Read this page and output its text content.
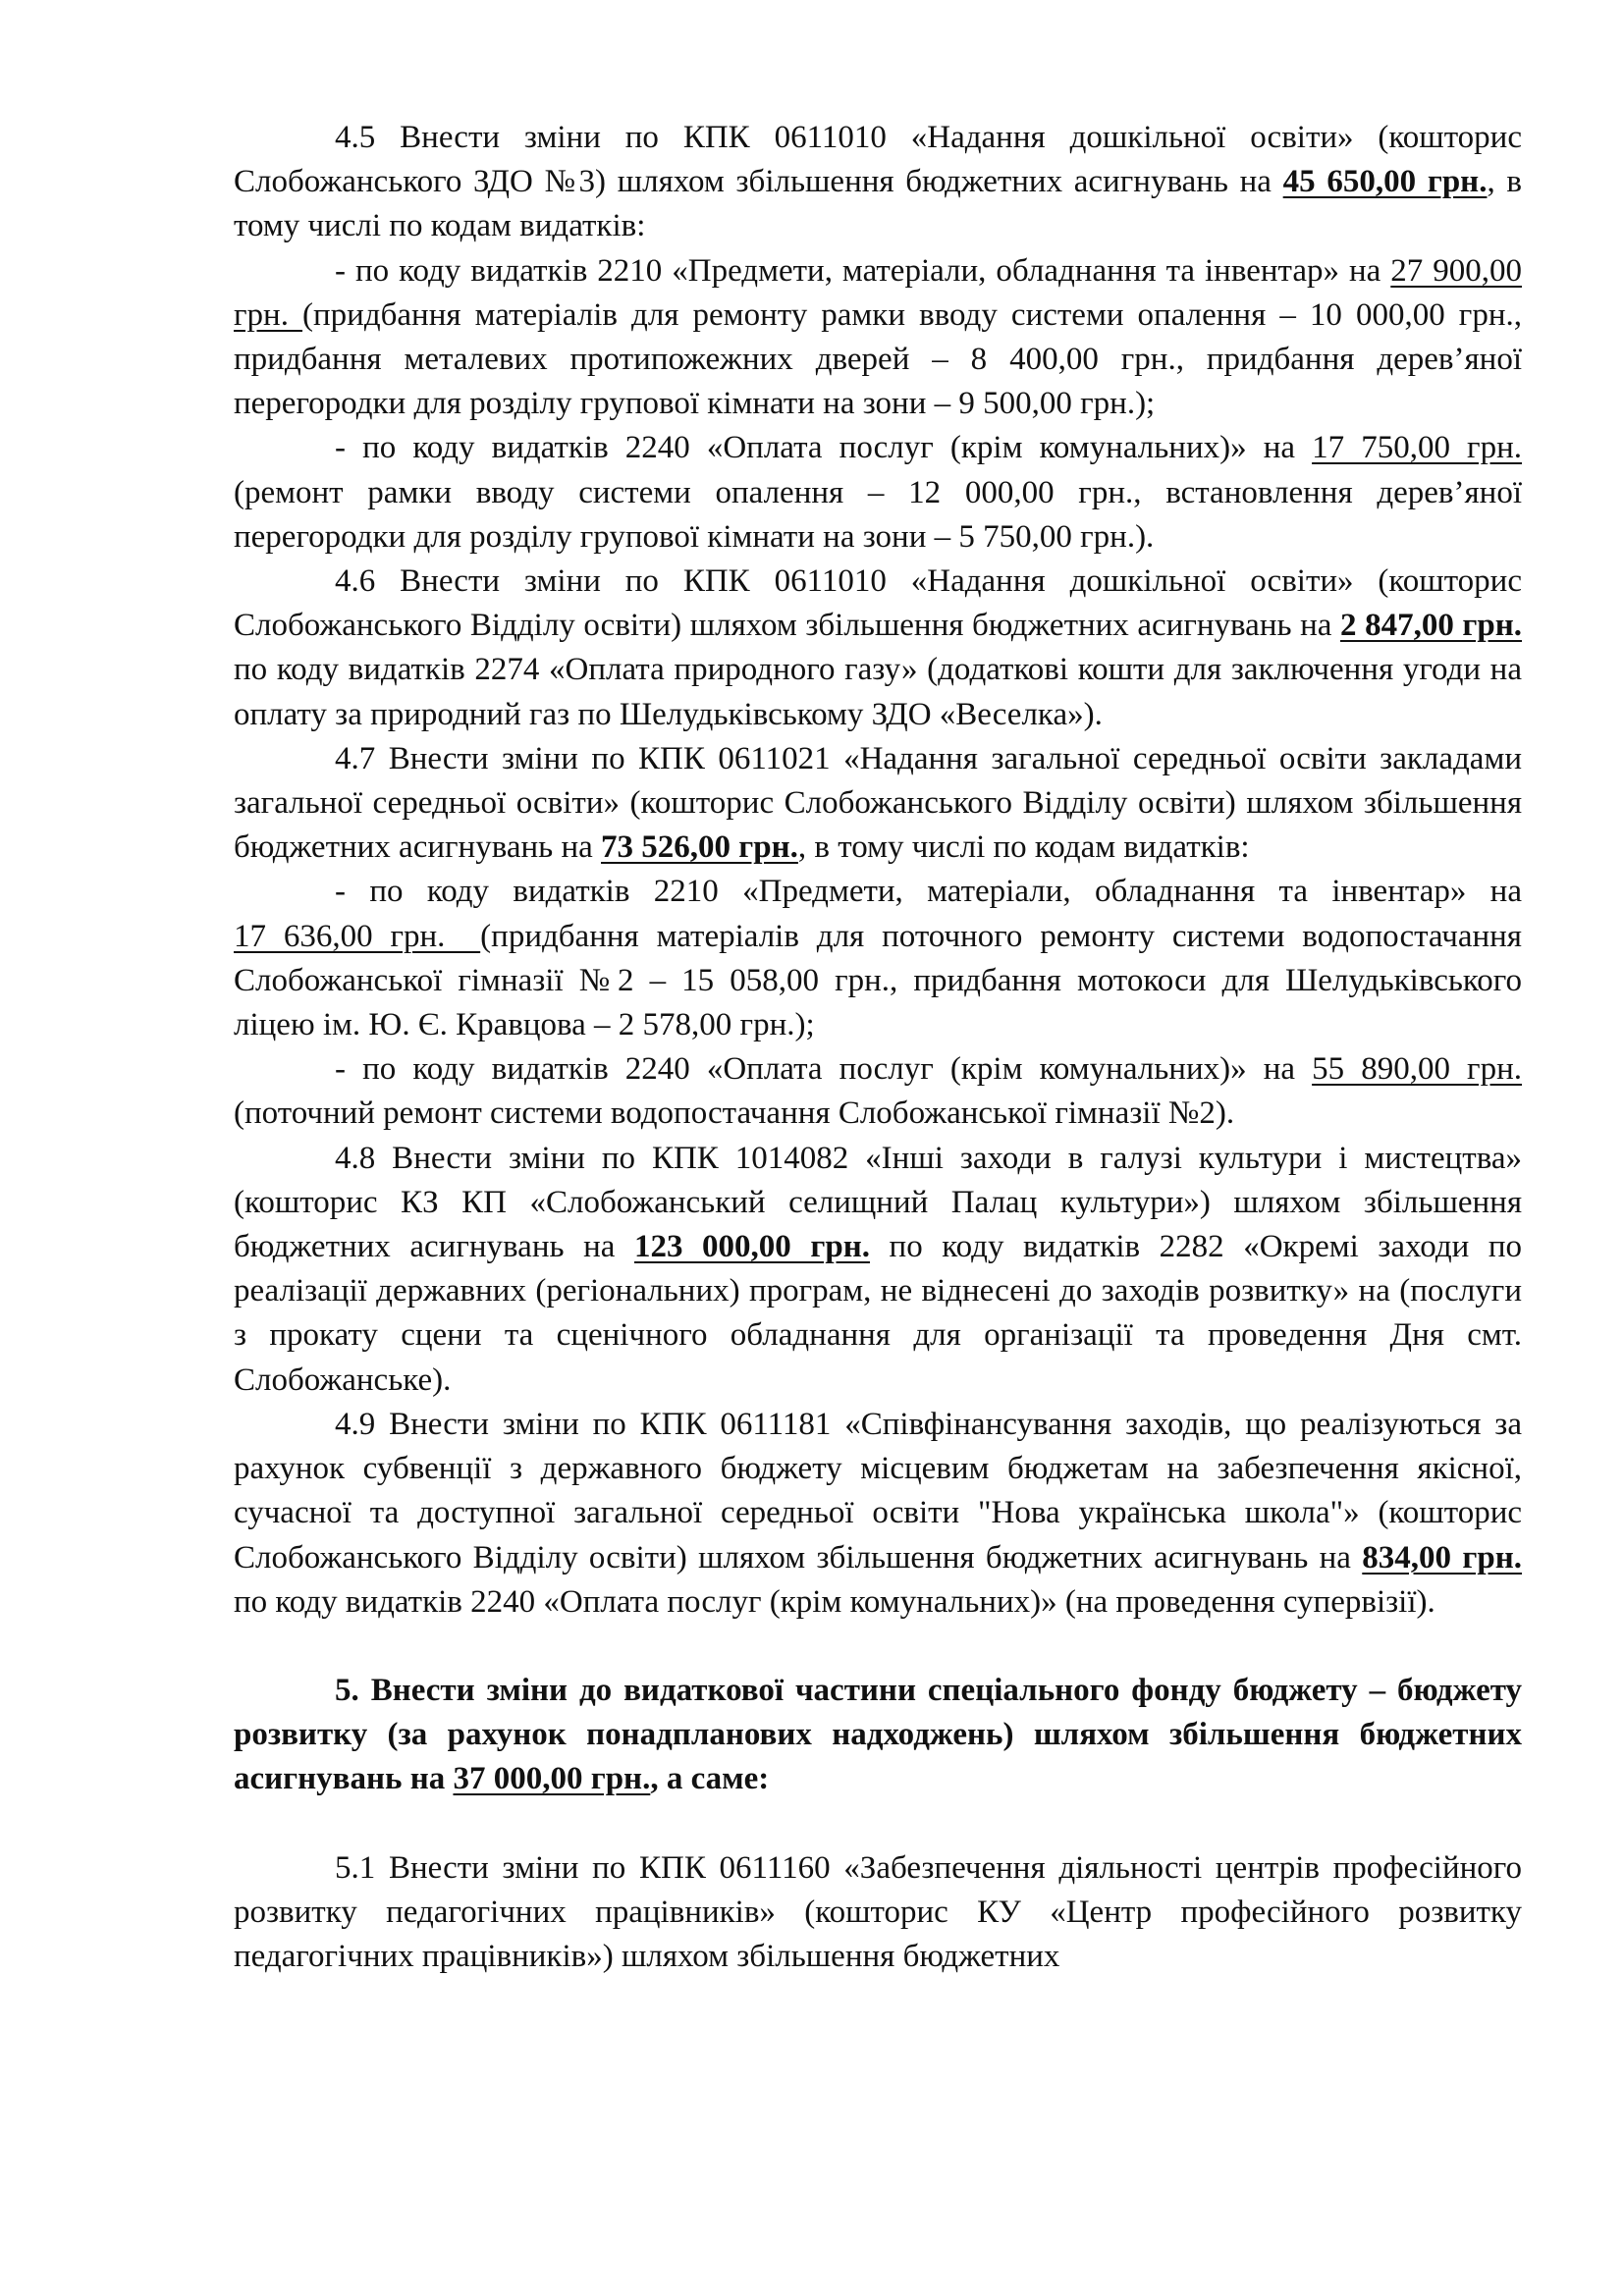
4.5 Внести зміни по КПК 0611010 «Надання дошкільної освіти» (кошторис Слобожанського ЗДО №3) шляхом збільшення бюджетних асигнувань на 45 650,00 грн., в тому числі по кодам видатків:

- по коду видатків 2210 «Предмети, матеріали, обладнання та інвентар» на 27 900,00 грн. (придбання матеріалів для ремонту рамки вводу системи опалення – 10 000,00 грн., придбання металевих протипожежних дверей – 8 400,00 грн., придбання дерев’яної перегородки для розділу групової кімнати на зони – 9 500,00 грн.);

- по коду видатків 2240 «Оплата послуг (крім комунальних)» на 17 750,00 грн. (ремонт рамки вводу системи опалення – 12 000,00 грн., встановлення дерев’яної перегородки для розділу групової кімнати на зони – 5 750,00 грн.).

4.6 Внести зміни по КПК 0611010 «Надання дошкільної освіти» (кошторис Слобожанського Відділу освіти) шляхом збільшення бюджетних асигнувань на 2 847,00 грн. по коду видатків 2274 «Оплата природного газу» (додаткові кошти для заключення угоди на оплату за природний газ по Шелудьківському ЗДО «Веселка»).

4.7 Внести зміни по КПК 0611021 «Надання загальної середньої освіти закладами загальної середньої освіти» (кошторис Слобожанського Відділу освіти) шляхом збільшення бюджетних асигнувань на 73 526,00 грн., в тому числі по кодам видатків:

- по коду видатків 2210 «Предмети, матеріали, обладнання та інвентар» на 17 636,00 грн.  (придбання матеріалів для поточного ремонту системи водопостачання Слобожанської гімназії №2 – 15 058,00 грн., придбання мотокоси для Шелудьківського ліцею ім. Ю. Є. Кравцова – 2 578,00 грн.);

- по коду видатків 2240 «Оплата послуг (крім комунальних)» на 55 890,00 грн. (поточний ремонт системи водопостачання Слобожанської гімназії №2).

4.8 Внести зміни по КПК 1014082 «Інші заходи в галузі культури і мистецтва» (кошторис КЗ КП «Слобожанський селищний Палац культури») шляхом збільшення бюджетних асигнувань на 123 000,00 грн. по коду видатків 2282 «Окремі заходи по реалізації державних (регіональних) програм, не віднесені до заходів розвитку» на (послуги з прокату сцени та сценічного обладнання для організації та проведення Дня смт. Слобожанське).

4.9 Внести зміни по КПК 0611181 «Співфінансування заходів, що реалізуються за рахунок субвенції з державного бюджету місцевим бюджетам на забезпечення якісної, сучасної та доступної загальної середньої освіти "Нова українська школа"» (кошторис Слобожанського Відділу освіти) шляхом збільшення бюджетних асигнувань на 834,00 грн. по коду видатків 2240 «Оплата послуг (крім комунальних)» (на проведення супервізії).

5. Внести зміни до видаткової частини спеціального фонду бюджету – бюджету розвитку (за рахунок понадпланових надходжень) шляхом збільшення бюджетних асигнувань на 37 000,00 грн., а саме:

5.1 Внести зміни по КПК 0611160 «Забезпечення діяльності центрів професійного розвитку педагогічних працівників» (кошторис КУ «Центр професійного розвитку педагогічних працівників») шляхом збільшення бюджетних
